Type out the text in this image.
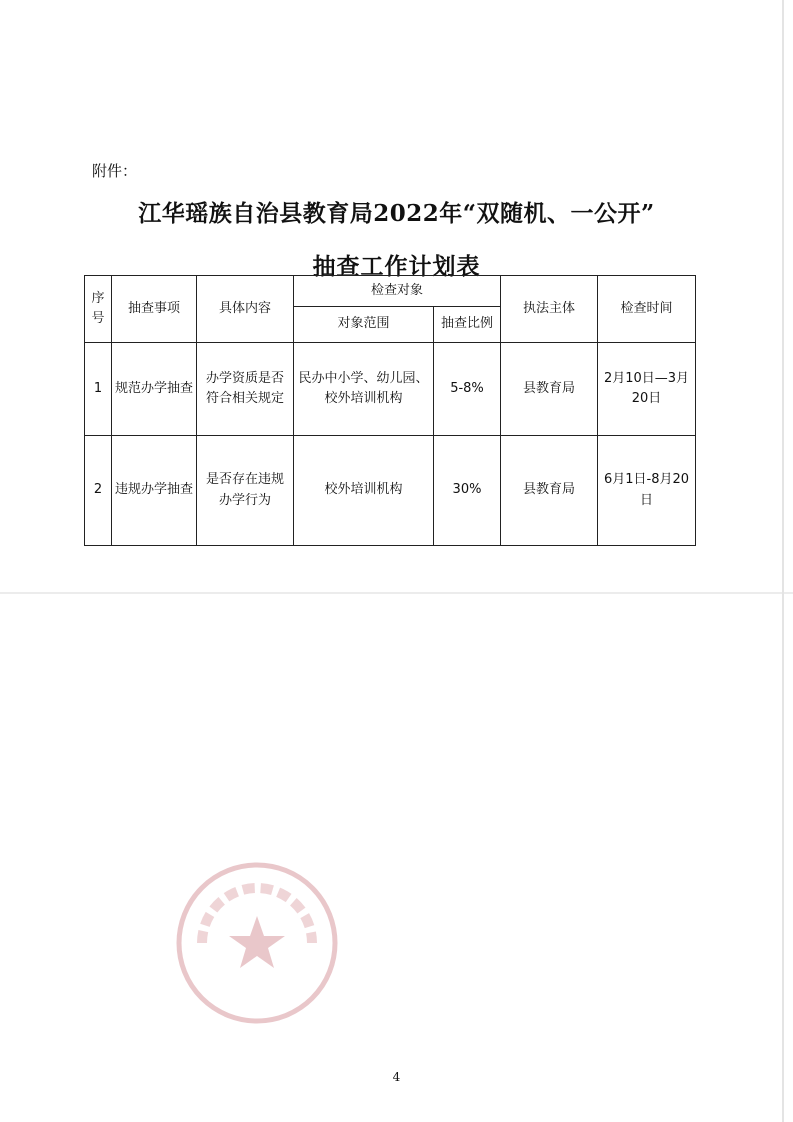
附件：
江华瑶族自治县教育局2022年“双随机、一公开”
抽查工作计划表
序号	抽查事项	具体内容	检查对象		执法主体	检查时间
			对象范围	抽查比例		
1	规范办学抽查	办学资质是否符合相关规定	民办中小学、幼儿园、校外培训机构	5-8%	县教育局	2月10日—3月20日
2	违规办学抽查	是否存在违规办学行为	校外培训机构	30%	县教育局	6月1日-8月20日
4
